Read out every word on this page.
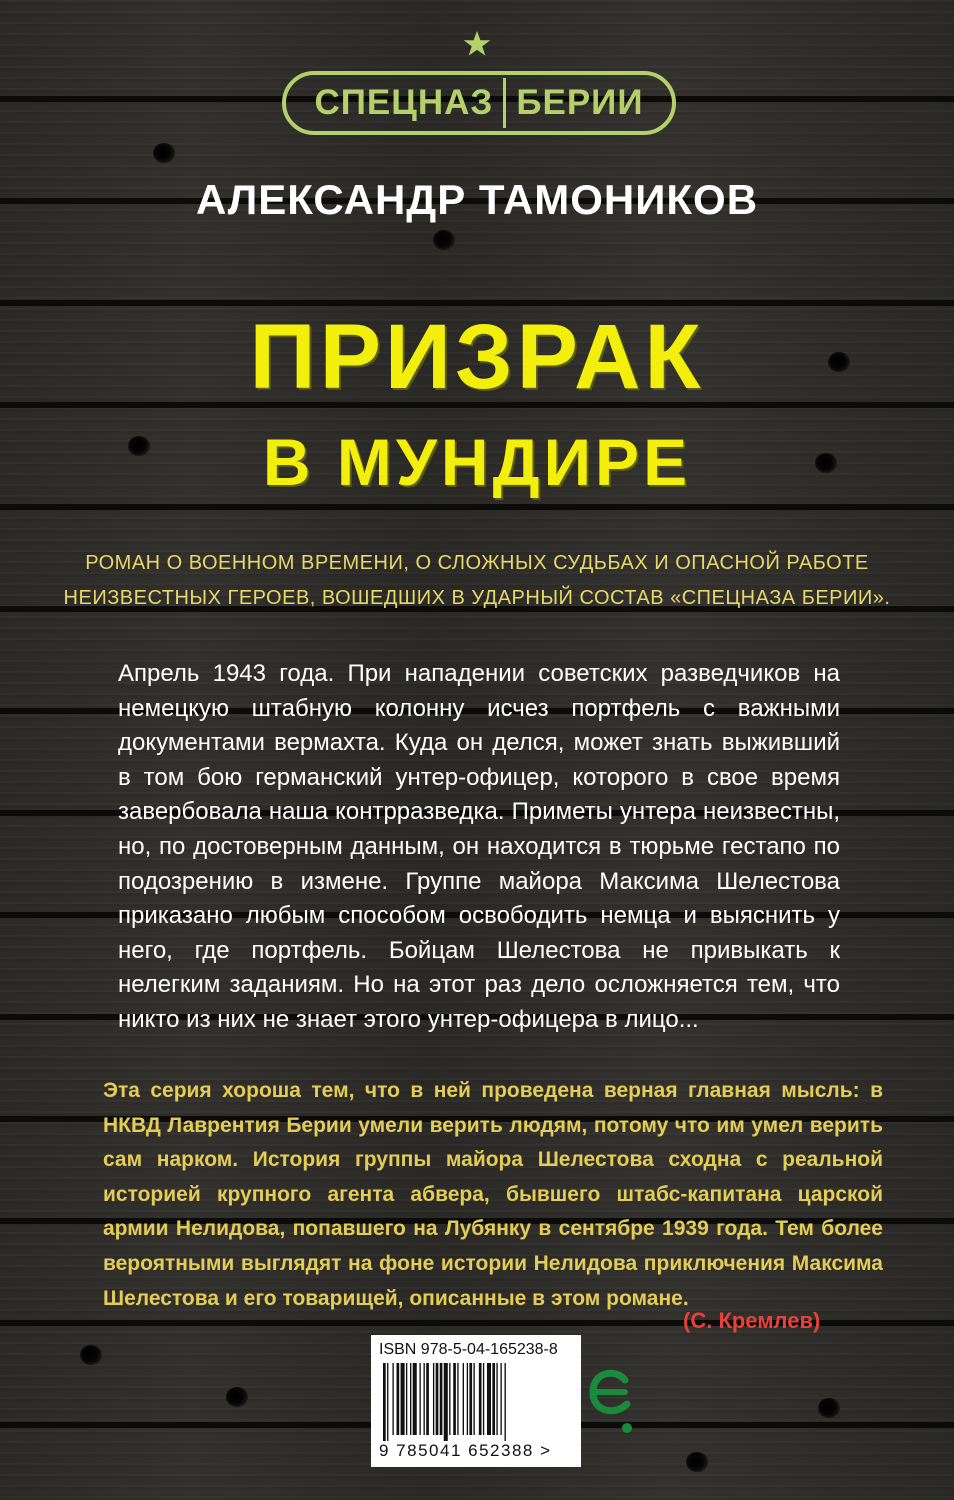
СПЕЦНАЗ БЕРИИ
АЛЕКСАНДР ТАМОНИКОВ
ПРИЗРАК
В МУНДИРЕ
РОМАН О ВОЕННОМ ВРЕМЕНИ, О СЛОЖНЫХ СУДЬБАХ И ОПАСНОЙ РАБОТЕ
НЕИЗВЕСТНЫХ ГЕРОЕВ, ВОШЕДШИХ В УДАРНЫЙ СОСТАВ «СПЕЦНАЗА БЕРИИ».
Апрель 1943 года. При нападении советских разведчиков на немецкую штабную колонну исчез портфель с важными документами вермахта. Куда он делся, может знать выживший в том бою германский унтер-офицер, которого в свое время завербовала наша контрразведка. Приметы унтера неизвестны, но, по достоверным данным, он находится в тюрьме гестапо по подозрению в измене. Группе майора Максима Шелестова приказано любым способом освободить немца и выяснить у него, где портфель. Бойцам Шелестова не привыкать к нелегким заданиям. Но на этот раз дело осложняется тем, что никто из них не знает этого унтер-офицера в лицо...
Эта серия хороша тем, что в ней проведена верная главная мысль: в НКВД Лаврентия Берии умели верить людям, потому что им умел верить сам нарком. История группы майора Шелестова сходна с реальной историей крупного агента абвера, бывшего штабс-капитана царской армии Нелидова, попавшего на Лубянку в сентябре 1939 года. Тем более вероятными выглядят на фоне истории Нелидова приключения Максима Шелестова и его товарищей, описанные в этом романе.
(С. Кремлев)
ISBN 978-5-04-165238-8
9 785041 652388 >
